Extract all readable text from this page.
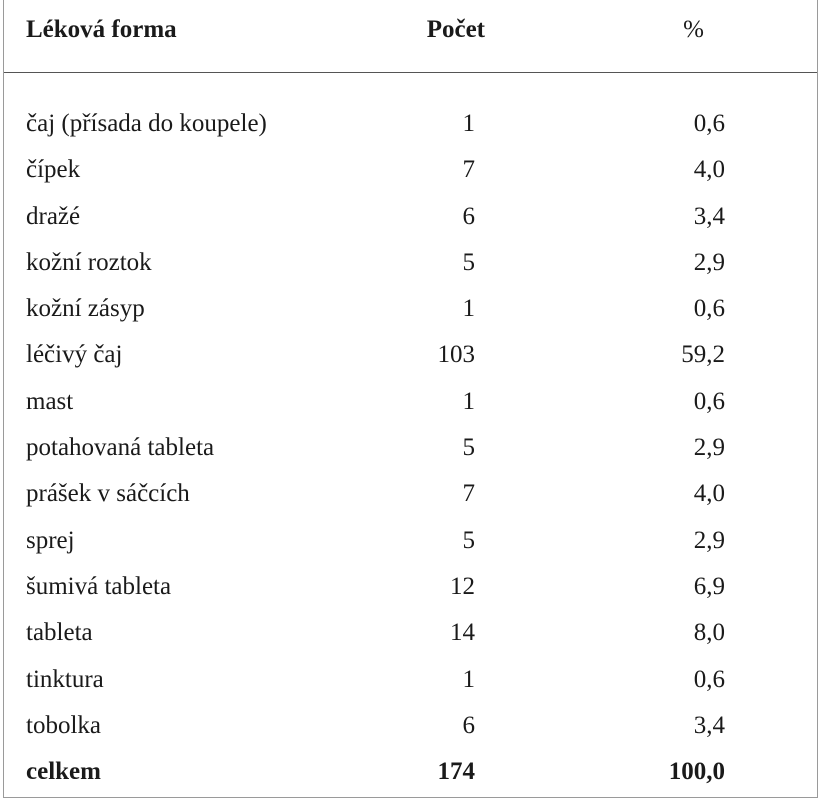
Léková forma	Počet	%
čaj (přísada do koupele)	1	0,6
čípek	7	4,0
dražé	6	3,4
kožní roztok	5	2,9
kožní zásyp	1	0,6
léčivý čaj	103	59,2
mast	1	0,6
potahovaná tableta	5	2,9
prášek v sáčcích	7	4,0
sprej	5	2,9
šumivá tableta	12	6,9
tableta	14	8,0
tinktura	1	0,6
tobolka	6	3,4
celkem	174	100,0
